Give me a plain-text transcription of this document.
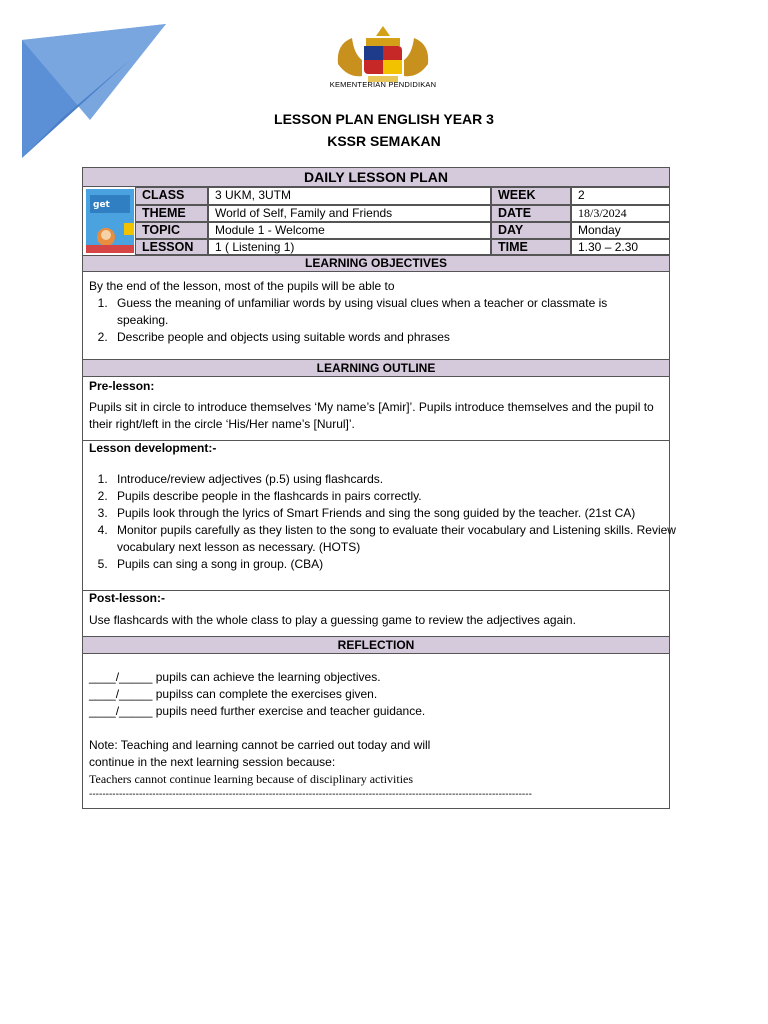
KEMENTERIAN PENDIDIKAN
LESSON PLAN ENGLISH YEAR 3
KSSR SEMAKAN
DAILY LESSON PLAN
get
CLASS	3 UKM, 3UTM	WEEK	2
THEME	World of Self, Family and Friends	DATE	18/3/2024
TOPIC	Module 1 - Welcome	DAY	Monday
LESSON	1 ( Listening 1)	TIME	1.30 – 2.30
LEARNING OBJECTIVES
By the end of the lesson, most of the pupils will be able to
1. Guess the meaning of unfamiliar words by using visual clues when a teacher or classmate is speaking.
2. Describe people and objects using suitable words and phrases
LEARNING OUTLINE
Pre-lesson:
Pupils sit in circle to introduce themselves ‘My name’s [Amir]’. Pupils introduce themselves and the pupil to their right/left in the circle ‘His/Her name’s [Nurul]’.
Lesson development:-
1. Introduce/review adjectives (p.5) using flashcards.
2. Pupils describe people in the flashcards in pairs correctly.
3. Pupils look through the lyrics of Smart Friends and sing the song guided by the teacher. (21st CA)
4. Monitor pupils carefully as they listen to the song to evaluate their vocabulary and Listening skills. Review vocabulary next lesson as necessary. (HOTS)
5. Pupils can sing a song in group. (CBA)
Post-lesson:-
Use flashcards with the whole class to play a guessing game to review the adjectives again.
REFLECTION
____/_____ pupils can achieve the learning objectives.
____/_____ pupilss can complete the exercises given.
____/_____ pupils need further exercise and teacher guidance.
Note: Teaching and learning cannot be carried out today and will
continue in the next learning session because:
Teachers cannot continue learning because of disciplinary activities
-------------------------------------------------------------------------------------------------------------------------------------
